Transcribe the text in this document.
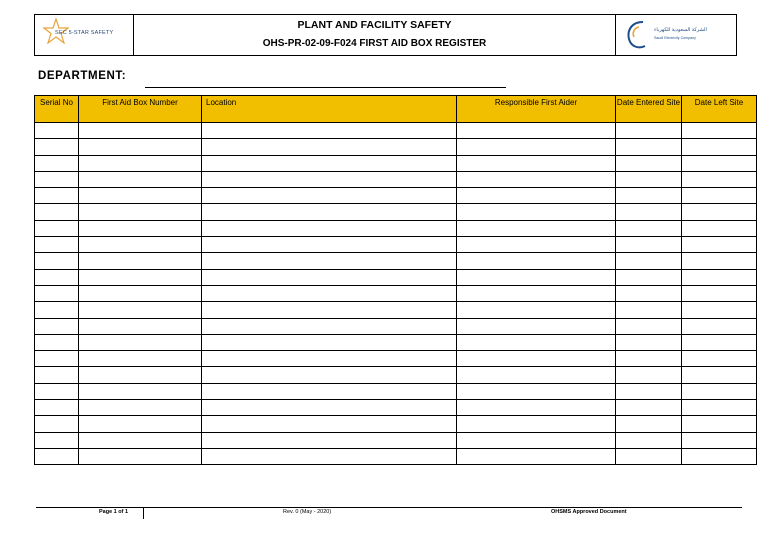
SEC 5-STAR SAFETY
PLANT AND FACILITY SAFETY
OHS-PR-02-09-F024 FIRST AID BOX REGISTER
الشركة السعودية للكهرباء
Saudi Electricity Company
DEPARTMENT:
Serial No	First Aid Box Number	Location	Responsible First Aider	Date Entered Site	Date Left Site

Page 1 of 1	Rev. 0 (May - 2020)	OHSMS Approved Document
